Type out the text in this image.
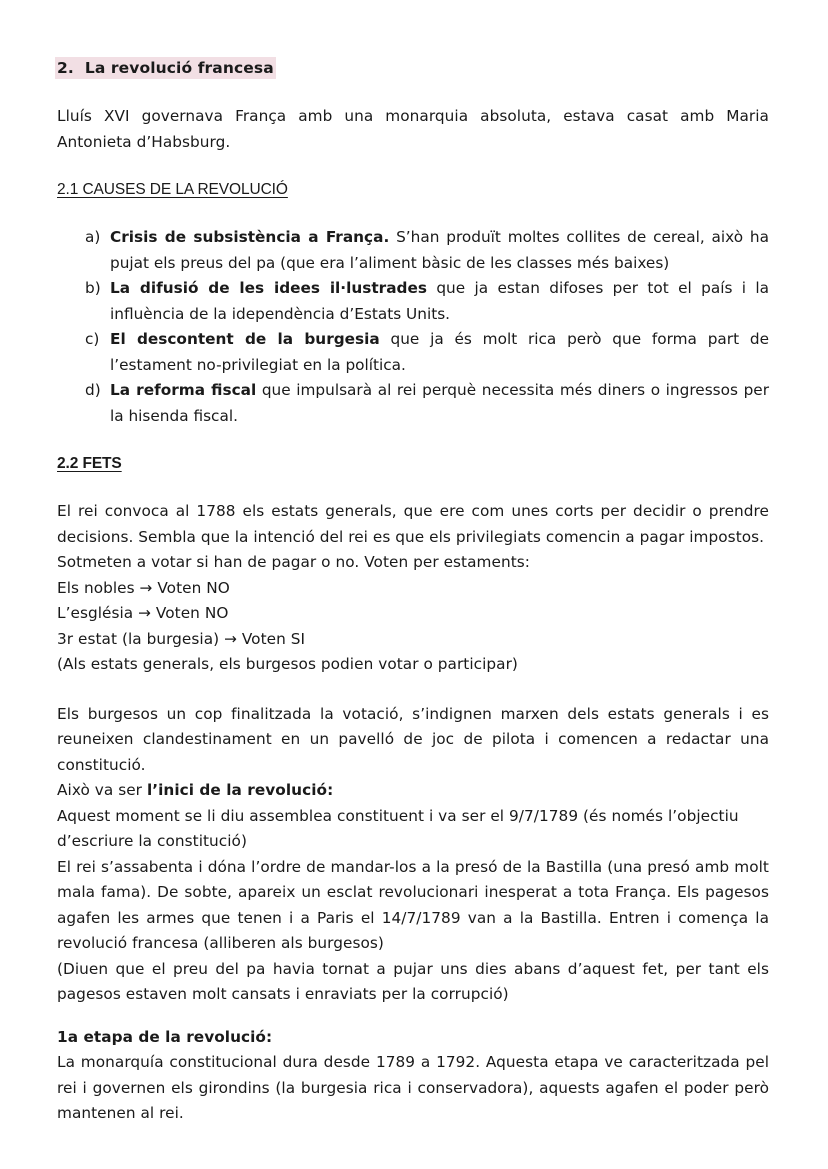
2. La revolució francesa

Lluís XVI governava França amb una monarquia absoluta, estava casat amb Maria Antonieta d’Habsburg.

2.1 CAUSES DE LA REVOLUCIÓ
a) Crisis de subsistència a França. S’han produït moltes collites de cereal, això ha pujat els preus del pa (que era l’aliment bàsic de les classes més baixes)
b) La difusió de les idees il·lustrades que ja estan difoses per tot el país i la influència de la idependència d’Estats Units.
c) El descontent de la burgesia que ja és molt rica però que forma part de l’estament no-privilegiat en la política.
d) La reforma fiscal que impulsarà al rei perquè necessita més diners o ingressos per la hisenda fiscal.
2.2 FETS

El rei convoca al 1788 els estats generals, que ere com unes corts per decidir o prendre decisions. Sembla que la intenció del rei es que els privilegiats comencin a pagar impostos.

Sotmeten a votar si han de pagar o no. Voten per estaments:

Els nobles → Voten NO

L’església → Voten NO

3r estat (la burgesia) → Voten SI

(Als estats generals, els burgesos podien votar o participar)

Els burgesos un cop finalitzada la votació, s’indignen marxen dels estats generals i es reuneixen clandestinament en un pavelló de joc de pilota i comencen a redactar una constitució.

Això va ser l’inici de la revolució:

Aquest moment se li diu assemblea constituent i va ser el 9/7/1789 (és només l’objectiu d’escriure la constitució)

El rei s’assabenta i dóna l’ordre de mandar-los a la presó de la Bastilla (una presó amb molt mala fama). De sobte, apareix un esclat revolucionari inesperat a tota França. Els pagesos agafen les armes que tenen i a Paris el 14/7/1789 van a la Bastilla. Entren i comença la revolució francesa (alliberen als burgesos)

(Diuen que el preu del pa havia tornat a pujar uns dies abans d’aquest fet, per tant els pagesos estaven molt cansats i enraviats per la corrupció)

1a etapa de la revolució:

La monarquía constitucional dura desde 1789 a 1792. Aquesta etapa ve caracteritzada pel rei i governen els girondins (la burgesia rica i conservadora), aquests agafen el poder però mantenen al rei.
